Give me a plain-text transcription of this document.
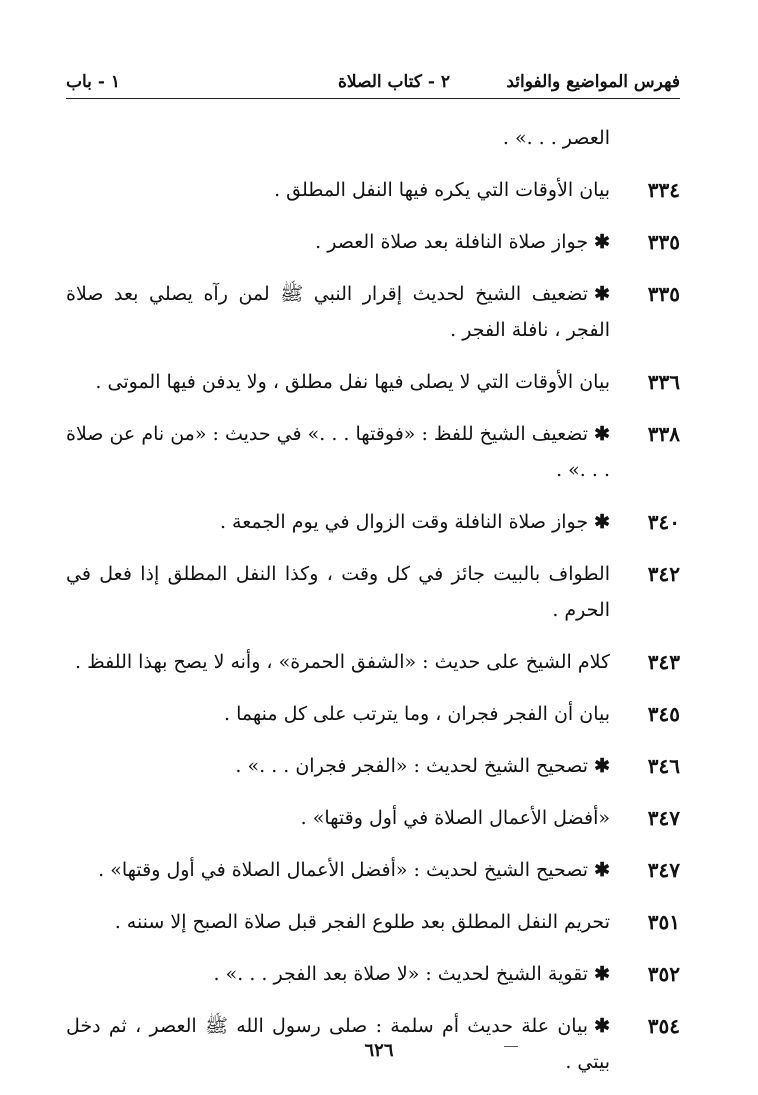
فهرس المواضيع والفوائد
٢ - كتاب الصلاة
١ - باب
العصر . . .» .
٣٣٤
بيان الأوقات التي يكره فيها النفل المطلق .
٣٣٥
✱جواز صلاة النافلة بعد صلاة العصر .
٣٣٥
✱تضعيف الشيخ لحديث إقرار النبي ﷺ لمن رآه يصلي بعد صلاة الفجر ، نافلة الفجر .
٣٣٦
بيان الأوقات التي لا يصلى فيها نفل مطلق ، ولا يدفن فيها الموتى .
٣٣٨
✱تضعيف الشيخ للفظ : «فوقتها . . .» في حديث : «من نام عن صلاة . . .» .
٣٤٠
✱جواز صلاة النافلة وقت الزوال في يوم الجمعة .
٣٤٢
الطواف بالبيت جائز في كل وقت ، وكذا النفل المطلق إذا فعل في الحرم .
٣٤٣
كلام الشيخ على حديث : «الشفق الحمرة» ، وأنه لا يصح بهذا اللفظ .
٣٤٥
بيان أن الفجر فجران ، وما يترتب على كل منهما .
٣٤٦
✱تصحيح الشيخ لحديث : «الفجر فجران . . .» .
٣٤٧
«أفضل الأعمال الصلاة في أول وقتها» .
٣٤٧
✱تصحيح الشيخ لحديث : «أفضل الأعمال الصلاة في أول وقتها» .
٣٥١
تحريم النفل المطلق بعد طلوع الفجر قبل صلاة الصبح إلا سننه .
٣٥٢
✱تقوية الشيخ لحديث : «لا صلاة بعد الفجر . . .» .
٣٥٤
✱بيان علة حديث أم سلمة : صلى رسول الله ﷺ العصر ، ثم دخل بيتي .
٦٢٦
